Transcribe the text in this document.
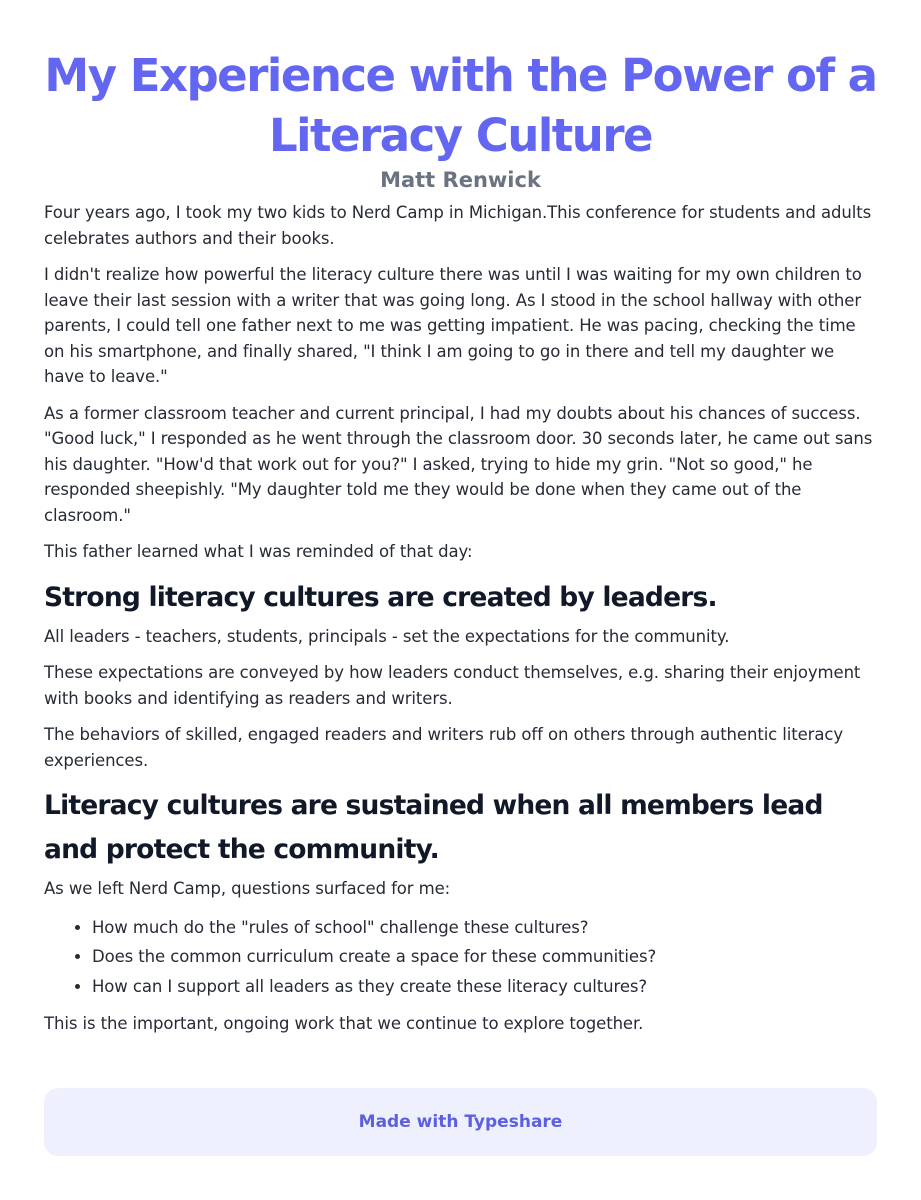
My Experience with the Power of a Literacy Culture
Matt Renwick

Four years ago, I took my two kids to Nerd Camp in Michigan.This conference for students and adults celebrates authors and their books.

I didn't realize how powerful the literacy culture there was until I was waiting for my own children to leave their last session with a writer that was going long. As I stood in the school hallway with other parents, I could tell one father next to me was getting impatient. He was pacing, checking the time on his smartphone, and finally shared, "I think I am going to go in there and tell my daughter we have to leave."

As a former classroom teacher and current principal, I had my doubts about his chances of success. "Good luck," I responded as he went through the classroom door. 30 seconds later, he came out sans his daughter. "How'd that work out for you?" I asked, trying to hide my grin. "Not so good," he responded sheepishly. "My daughter told me they would be done when they came out of the clasroom."

This father learned what I was reminded of that day:

Strong literacy cultures are created by leaders.

All leaders - teachers, students, principals - set the expectations for the community.

These expectations are conveyed by how leaders conduct themselves, e.g. sharing their enjoyment with books and identifying as readers and writers.

The behaviors of skilled, engaged readers and writers rub off on others through authentic literacy experiences.

Literacy cultures are sustained when all members lead and protect the community.

As we left Nerd Camp, questions surfaced for me:

• How much do the "rules of school" challenge these cultures?
• Does the common curriculum create a space for these communities?
• How can I support all leaders as they create these literacy cultures?

This is the important, ongoing work that we continue to explore together.

Made with Typeshare
